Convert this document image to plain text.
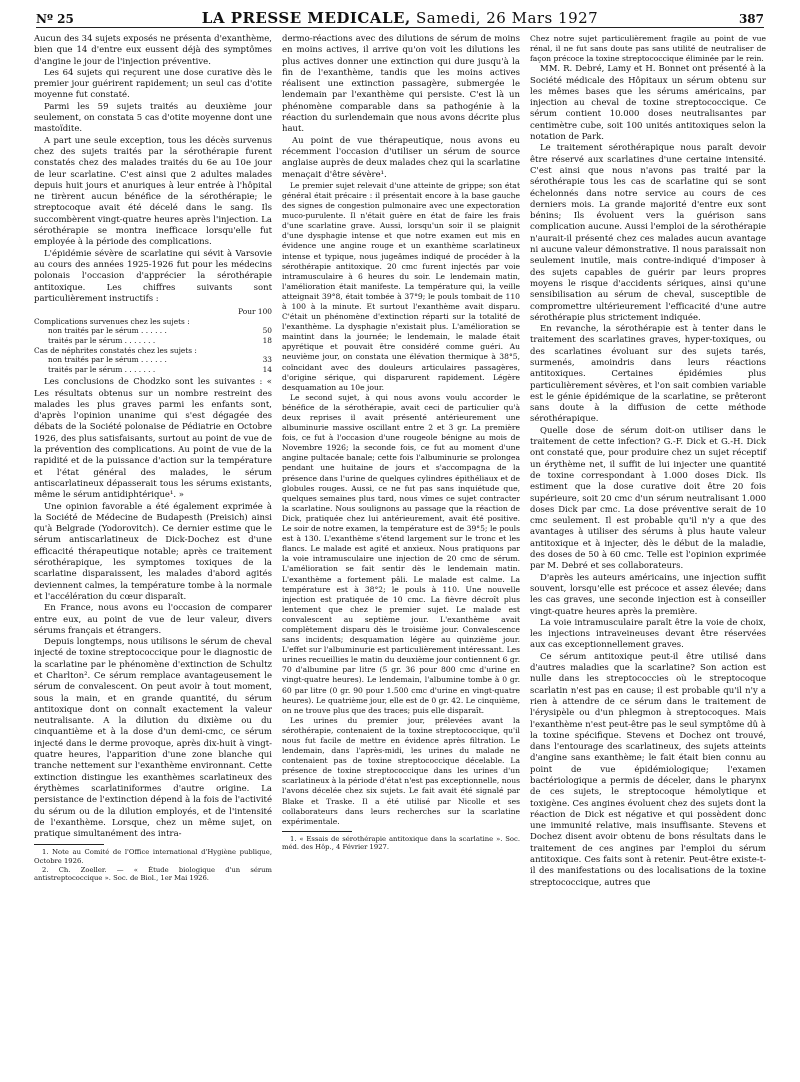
Nº 25	LA PRESSE MEDICALE, Samedi, 26 Mars 1927	387

Aucun des 34 sujets exposés ne présenta d'exanthème, bien que 14 d'entre eux eussent déjà des symptômes d'angine le jour de l'injection préventive.

Les 64 sujets qui reçurent une dose curative dès le premier jour guérirent rapidement; un seul cas d'otite moyenne fut constaté.

Parmi les 59 sujets traités au deuxième jour seulement, on constata 5 cas d'otite moyenne dont une mastoïdite.

A part une seule exception, tous les décès survenus chez des sujets traités par la sérothérapie furent constatés chez des malades traités du 6e au 10e jour de leur scarlatine. C'est ainsi que 2 adultes malades depuis huit jours et anuriques à leur entrée à l'hôpital ne tirèrent aucun bénéfice de la sérothérapie; le streptocoque avait été décelé dans le sang. Ils succombèrent vingt-quatre heures après l'injection. La sérothérapie se montra inefficace lorsqu'elle fut employée à la période des complications.

L'épidémie sévère de scarlatine qui sévit à Varsovie au cours des années 1925-1926 fut pour les médecins polonais l'occasion d'apprécier la sérothérapie antitoxique. Les chiffres suivants sont particulièrement instructifs :

Pour 100
Complications survenues chez les sujets :
non traités par le sérum . . . . . .	50
traités par le sérum . . . . . . .	18
Cas de néphrites constatés chez les sujets :
non traités par le sérum . . . . . .	33
traités par le sérum . . . . . . .	14

Les conclusions de Chodzko sont les suivantes : « Les résultats obtenus sur un nombre restreint des malades les plus graves parmi les enfants sont, d'après l'opinion unanime qui s'est dégagée des débats de la Société polonaise de Pédiatrie en Octobre 1926, des plus satisfaisants, surtout au point de vue de la prévention des complications. Au point de vue de la rapidité et de la puissance d'action sur la température et l'état général des malades, le sérum antiscarlatineux dépasserait tous les sérums existants, même le sérum antidiphtérique¹. »

Une opinion favorable a été également exprimée à la Société de Médecine de Budapesth (Preisich) ainsi qu'à Belgrade (Yodorovitch). Ce dernier estime que le sérum antiscarlatineux de Dick-Dochez est d'une efficacité thérapeutique notable; après ce traitement sérothérapique, les symptomes toxiques de la scarlatine disparaissent, les malades d'abord agités deviennent calmes, la température tombe à la normale et l'accélération du cœur disparaît.

En France, nous avons eu l'occasion de comparer entre eux, au point de vue de leur valeur, divers sérums français et étrangers.

Depuis longtemps, nous utilisons le sérum de cheval injecté de toxine streptococcique pour le diagnostic de la scarlatine par le phénomène d'extinction de Schultz et Charlton². Ce sérum remplace avantageusement le sérum de convalescent. On peut avoir à tout moment, sous la main, et en grande quantité, du sérum antitoxique dont on connaît exactement la valeur neutralisante. A la dilution du dixième ou du cinquantième et à la dose d'un demi-cmc, ce sérum injecté dans le derme provoque, après dix-huit à vingt-quatre heures, l'apparition d'une zone blanche qui tranche nettement sur l'exanthème environnant. Cette extinction distingue les exanthèmes scarlatineux des érythèmes scarlatiniformes d'autre origine. La persistance de l'extinction dépend à la fois de l'activité du sérum ou de la dilution employés, et de l'intensité de l'exanthème. Lorsque, chez un même sujet, on pratique simultanément des intra-

1. Note au Comité de l'Office international d'Hygiène publique, Octobre 1926.

2. Ch. Zoeller. — « Étude biologique d'un sérum antistreptococcique ». Soc. de Biol., 1er Mai 1926.

dermo-réactions avec des dilutions de sérum de moins en moins actives, il arrive qu'on voit les dilutions les plus actives donner une extinction qui dure jusqu'à la fin de l'exanthème, tandis que les moins actives réalisent une extinction passagère, submergée le lendemain par l'exanthème qui persiste. C'est là un phénomène comparable dans sa pathogénie à la réaction du surlendemain que nous avons décrite plus haut.

Au point de vue thérapeutique, nous avons eu récemment l'occasion d'utiliser un sérum de source anglaise auprès de deux malades chez qui la scarlatine menaçait d'être sévère¹.

Le premier sujet relevait d'une atteinte de grippe; son état général était précaire : il présentait encore à la base gauche des signes de congestion pulmonaire avec une expectoration muco-purulente. Il n'était guère en état de faire les frais d'une scarlatine grave. Aussi, lorsqu'un soir il se plaignit d'une dysphagie intense et que notre examen eut mis en évidence une angine rouge et un exanthème scarlatineux intense et typique, nous jugeâmes indiqué de procéder à la sérothérapie antitoxique. 20 cmc furent injectés par voie intramusculaire à 6 heures du soir. Le lendemain matin, l'amélioration était manifeste. La température qui, la veille atteignait 39°8, était tombée à 37°9; le pouls tombait de 110 à 100 à la minute. Et surtout l'exanthème avait disparu. C'était un phénomène d'extinction réparti sur la totalité de l'exanthème. La dysphagie n'existait plus. L'amélioration se maintint dans la journée; le lendemain, le malade était apyrétique et pouvait être considéré comme guéri. Au neuvième jour, on constata une élévation thermique à 38°5, coïncidant avec des douleurs articulaires passagères, d'origine sérique, qui disparurent rapidement. Légère desquamation au 10e jour.

Le second sujet, à qui nous avons voulu accorder le bénéfice de la sérothérapie, avait ceci de particulier qu'à deux reprises il avait présenté antérieurement une albuminurie massive oscillant entre 2 et 3 gr. La première fois, ce fut à l'occasion d'une rougeole bénigne au mois de Novembre 1926; la seconde fois, ce fut au moment d'une angine pultacée banale; cette fois l'albuminurie se prolongea pendant une huitaine de jours et s'accompagna de la présence dans l'urine de quelques cylindres épithéliaux et de globules rouges. Aussi, ce ne fut pas sans inquiétude que, quelques semaines plus tard, nous vîmes ce sujet contracter la scarlatine. Nous soulignons au passage que la réaction de Dick, pratiquée chez lui antérieurement, avait été positive. Le soir de notre examen, la température est de 39°5; le pouls est à 130. L'exanthème s'étend largement sur le tronc et les flancs. Le malade est agité et anxieux. Nous pratiquons par la voie intramusculaire une injection de 20 cmc de sérum. L'amélioration se fait sentir dès le lendemain matin. L'exanthème a fortement pâli. Le malade est calme. La température est à 38°2; le pouls à 110. Une nouvelle injection est pratiquée de 10 cmc. La fièvre décroît plus lentement que chez le premier sujet. Le malade est convalescent au septième jour. L'exanthème avait complètement disparu dès le troisième jour. Convalescence sans incidents; desquamation légère au quinzième jour. L'effet sur l'albuminurie est particulièrement intéressant. Les urines recueillies le matin du deuxième jour contiennent 6 gr. 70 d'albumine par litre (5 gr. 36 pour 800 cmc d'urine en vingt-quatre heures). Le lendemain, l'albumine tombe à 0 gr. 60 par litre (0 gr. 90 pour 1.500 cmc d'urine en vingt-quatre heures). Le quatrième jour, elle est de 0 gr. 42. Le cinquième, on ne trouve plus que des traces; puis elle disparaît.

Les urines du premier jour, prélevées avant la sérothérapie, contenaient de la toxine streptococcique, qu'il nous fut facile de mettre en évidence après filtration. Le lendemain, dans l'après-midi, les urines du malade ne contenaient pas de toxine streptococcique décelable. La présence de toxine streptococcique dans les urines d'un scarlatineux à la période d'état n'est pas exceptionnelle, nous l'avons décelée chez six sujets. Le fait avait été signalé par Blake et Traske. Il a été utilisé par Nicolle et ses collaborateurs dans leurs recherches sur la scarlatine expérimentale.

1. « Essais de sérothérapie antitoxique dans la scarlatine ». Soc. méd. des Hôp., 4 Février 1927.

Chez notre sujet particulièrement fragile au point de vue rénal, il ne fut sans doute pas sans utilité de neutraliser de façon précoce la toxine streptococcique éliminée par le rein.

MM. R. Debré, Lamy et H. Bonnet ont présenté à la Société médicale des Hôpitaux un sérum obtenu sur les mêmes bases que les sérums américains, par injection au cheval de toxine streptococcique. Ce sérum contient 10.000 doses neutralisantes par centimètre cube, soit 100 unités antitoxiques selon la notation de Park.

Le traitement sérothérapique nous paraît devoir être réservé aux scarlatines d'une certaine intensité. C'est ainsi que nous n'avons pas traité par la sérothérapie tous les cas de scarlatine qui se sont échelonnés dans notre service au cours de ces derniers mois. La grande majorité d'entre eux sont bénins; Ils évoluent vers la guérison sans complication aucune. Aussi l'emploi de la sérothérapie n'aurait-il présenté chez ces malades aucun avantage ni aucune valeur démonstrative. Il nous paraissait non seulement inutile, mais contre-indiqué d'imposer à des sujets capables de guérir par leurs propres moyens le risque d'accidents sériques, ainsi qu'une sensibilisation au sérum de cheval, susceptible de compromettre ultérieurement l'efficacité d'une autre sérothérapie plus strictement indiquée.

En revanche, la sérothérapie est à tenter dans le traitement des scarlatines graves, hyper-toxiques, ou des scarlatines évoluant sur des sujets tarés, surmenés, amoindris dans leurs réactions antitoxiques. Certaines épidémies plus particulièrement sévères, et l'on sait combien variable est le génie épidémique de la scarlatine, se prêteront sans doute à la diffusion de cette méthode sérothérapique.

Quelle dose de sérum doit-on utiliser dans le traitement de cette infection? G.-F. Dick et G.-H. Dick ont constaté que, pour produire chez un sujet réceptif un érythème net, il suffit de lui injecter une quantité de toxine correspondant à 1.000 doses Dick. Ils estiment que la dose curative doit être 20 fois supérieure, soit 20 cmc d'un sérum neutralisant 1.000 doses Dick par cmc. La dose préventive serait de 10 cmc seulement. Il est probable qu'il n'y a que des avantages à utiliser des sérums à plus haute valeur antitoxique et à injecter, dès le début de la maladie, des doses de 50 à 60 cmc. Telle est l'opinion exprimée par M. Debré et ses collaborateurs.

D'après les auteurs américains, une injection suffit souvent, lorsqu'elle est précoce et assez élevée; dans les cas graves, une seconde injection est à conseiller vingt-quatre heures après la première.

La voie intramusculaire paraît être la voie de choix, les injections intraveineuses devant être réservées aux cas exceptionnellement graves.

Ce sérum antitoxique peut-il être utilisé dans d'autres maladies que la scarlatine? Son action est nulle dans les streptococcies où le streptocoque scarlatin n'est pas en cause; il est probable qu'il n'y a rien à attendre de ce sérum dans le traitement de l'érysipèle ou d'un phlegmon à streptocoques. Mais l'exanthème n'est peut-être pas le seul symptôme dû à la toxine spécifique. Stevens et Dochez ont trouvé, dans l'entourage des scarlatineux, des sujets atteints d'angine sans exanthème; le fait était bien connu au point de vue épidémiologique; l'examen bactériologique a permis de déceler, dans le pharynx de ces sujets, le streptocoque hémolytique et toxigène. Ces angines évoluent chez des sujets dont la réaction de Dick est négative et qui possèdent donc une immunité relative, mais insuffisante. Stevens et Dochez disent avoir obtenu de bons résultats dans le traitement de ces angines par l'emploi du sérum antitoxique. Ces faits sont à retenir. Peut-être existe-t-il des manifestations ou des localisations de la toxine streptococcique, autres que
